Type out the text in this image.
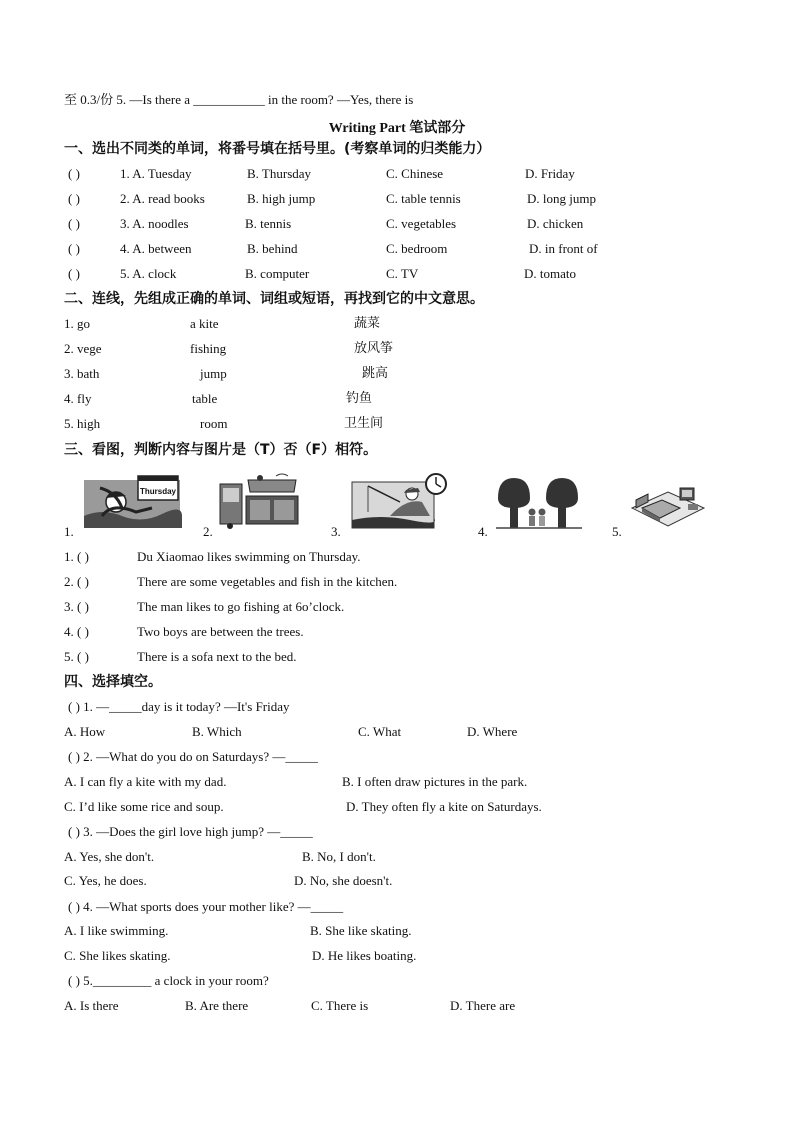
至 0.3/份 5. —Is there a ___________ in the room? —Yes, there is
Writing Part 笔试部分
一、选出不同类的单词，将番号填在括号里。(考察单词的归类能力）
( )	1. A. Tuesday	B. Thursday	C. Chinese	D. Friday
( )	2. A. read books	B. high jump	C. table tennis	D. long jump
( )	3. A. noodles	B. tennis	C. vegetables	D. chicken
( )	4. A. between	B. behind	C. bedroom	D. in front of
( )	5. A. clock	B. computer	C. TV	D. tomato
二、连线，先组成正确的单词、词组或短语，再找到它的中文意思。
1. go	a kite	蔬菜
2. vege	fishing	放风筝
3. bath	jump	跳高
4. fly	table	钓鱼
5. high	room	卫生间
三、看图，判断内容与图片是（T）否（F）相符。
1.
Thursday
2.	3.	4.	5.
1. ( )	Du Xiaomao likes swimming on Thursday.
2. ( )	There are some vegetables and fish in the kitchen.
3. ( )	The man likes to go fishing at 6o’clock.
4. ( )	Two boys are between the trees.
5. ( )	There is a sofa next to the bed.
四、选择填空。
( ) 1. —_____day is it today? —It's Friday
A. How	B. Which	C. What	D. Where
( ) 2. —What do you do on Saturdays? —_____
A. I can fly a kite with my dad.	B. I often draw pictures in the park.
C. I’d like some rice and soup.	D. They often fly a kite on Saturdays.
( ) 3. —Does the girl love high jump? —_____
A. Yes, she don't.	B. No, I don't.
C. Yes, he does.	D. No, she doesn't.
( ) 4. —What sports does your mother like? —_____
A. I like swimming.	B. She like skating.
C. She likes skating.	D. He likes boating.
( ) 5._________ a clock in your room?
A. Is there	B. Are there	C. There is	D. There are
